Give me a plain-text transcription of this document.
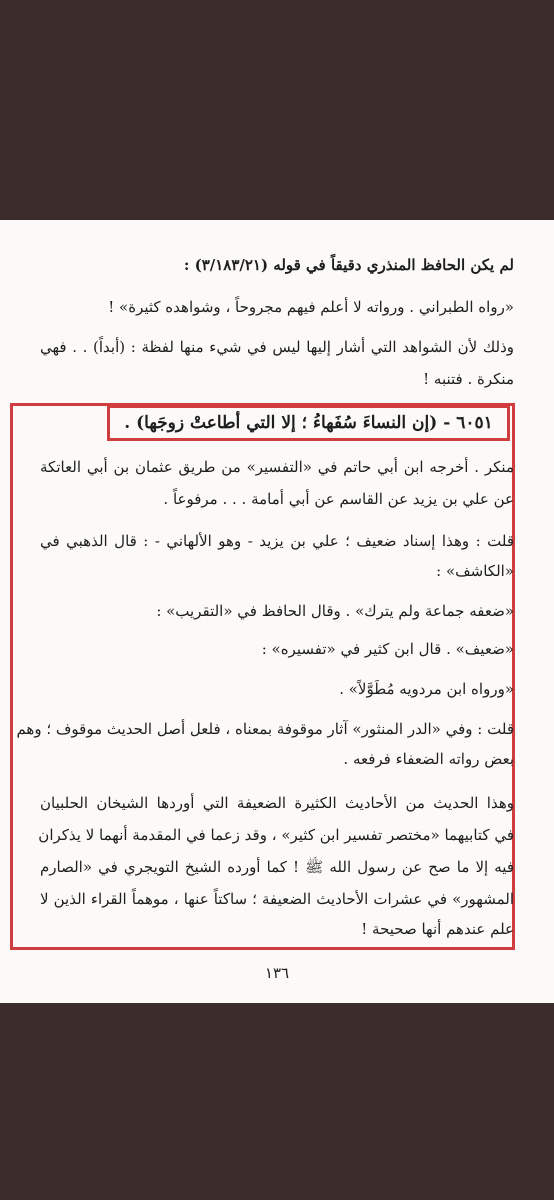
لم يكن الحافظ المنذري دقيقاً في قوله (٣/١٨٣/٢١) :
«رواه الطبراني . ورواته لا أعلم فيهم مجروحاً ، وشواهده كثيرة» !
وذلك لأن الشواهد التي أشار إليها ليس في شيء منها لفظة : (أبداً) . . فهي
منكرة . فتنبه !
٦٠٥١ - (إن النساءَ سُفَهاءُ ؛ إلا التي أطاعتْ زوجَها) .
منكر . أخرجه ابن أبي حاتم في «التفسير» من طريق عثمان بن أبي العاتكة
عن علي بن يزيد عن القاسم عن أبي أمامة . . . مرفوعاً .
قلت : وهذا إسناد ضعيف ؛ علي بن يزيد - وهو الألهاني - : قال الذهبي في
«الكاشف» :
«ضعفه جماعة ولم يترك» . وقال الحافظ في «التقريب» :
«ضعيف» . قال ابن كثير في «تفسيره» :
«ورواه ابن مردويه مُطَوَّلاً» .
قلت : وفي «الدر المنثور» آثار موقوفة بمعناه ، فلعل أصل الحديث موقوف ؛ وهم
بعض رواته الضعفاء فرفعه .
وهذا الحديث من الأحاديث الكثيرة الضعيفة التي أوردها الشيخان الحلبيان
في كتابيهما «مختصر تفسير ابن كثير» ، وقد زعما في المقدمة أنهما لا يذكران
فيه إلا ما صح عن رسول الله ﷺ ! كما أورده الشيخ التويجري في «الصارم
المشهور» في عشرات الأحاديث الضعيفة ؛ ساكتاً عنها ، موهماً القراء الذين لا
علم عندهم أنها صحيحة !
١٣٦
